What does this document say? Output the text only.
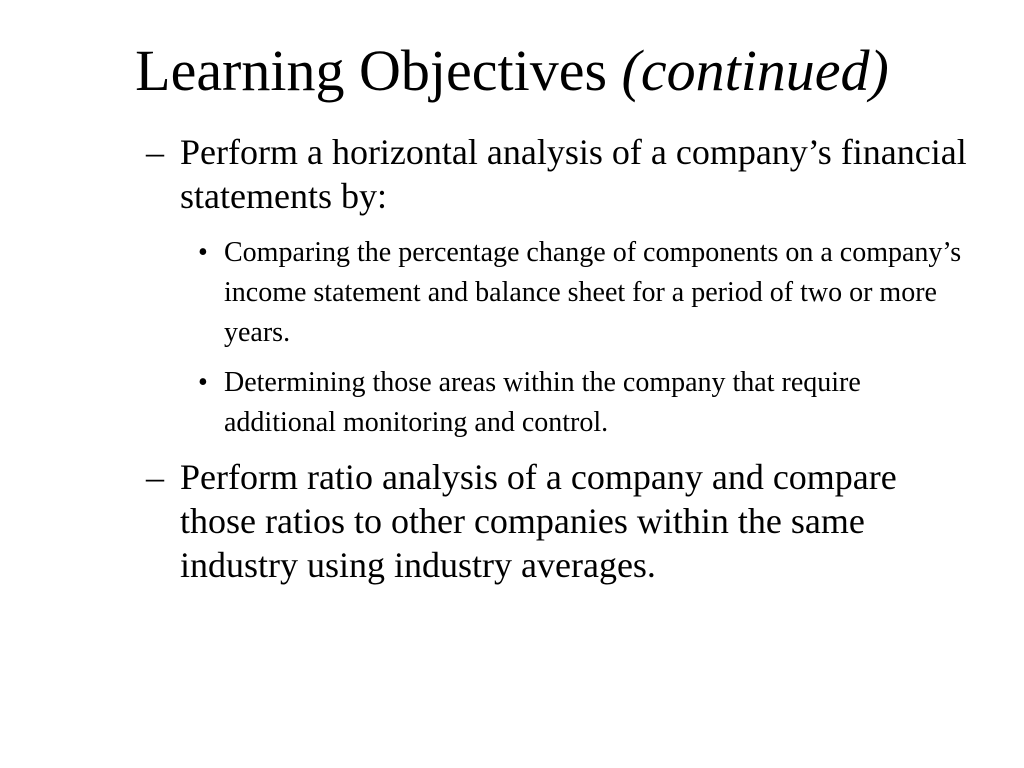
Learning Objectives (continued)

– Perform a horizontal analysis of a company’s financial statements by:

• Comparing the percentage change of components on a company’s income statement and balance sheet for a period of two or more years.

• Determining those areas within the company that require additional monitoring and control.

– Perform ratio analysis of a company and compare those ratios to other companies within the same industry using industry averages.
